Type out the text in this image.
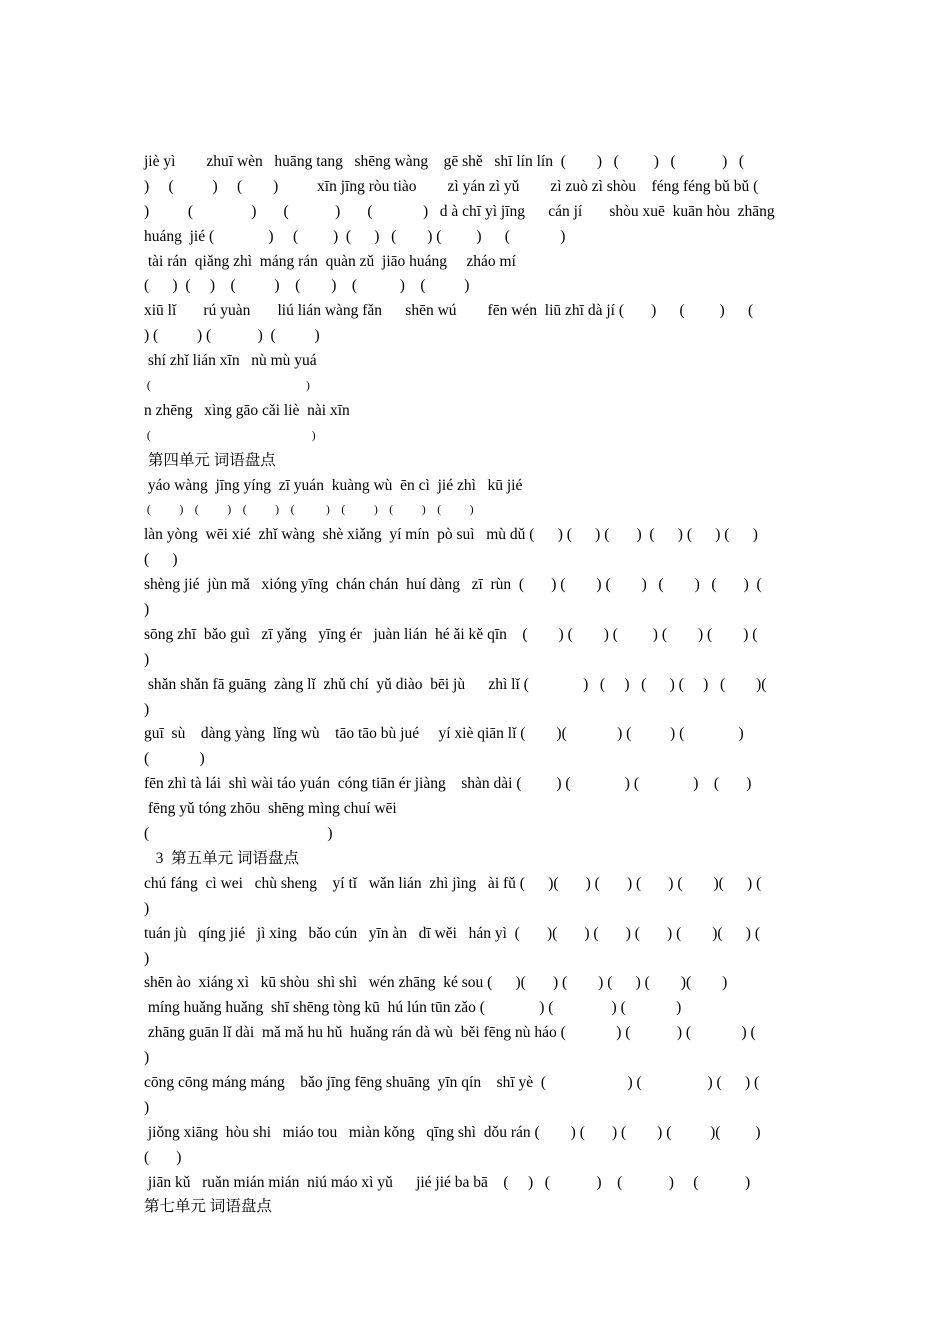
jiè yì        zhuī wèn   huāng tang   shēng wàng    gē shě   shī lín lín  (        )   (         )   (            )   (
)     (          )     (        )          xīn jīng ròu tiào        zì yán zì yǔ        zì zuò zì shòu    féng féng bǔ bǔ (
)          (               )       (            )       (             )   d à chī yì jīng      cán jí       shòu xuē  kuān hòu  zhāng
huáng  jié (              )     (         )  (      )   (        ) (         )      (             )
tài rán  qiǎng zhì  máng rán  quàn zǔ  jiāo huáng     zháo mí
(      )  (     )    (          )    (        )    (           )    (          )
xiū lǐ       rú yuàn       liú lián wàng fǎn      shēn wú        fēn wén  liū zhī dà jí (       )      (         )      (
) (          ) (            )  (          )
shí zhǐ lián xīn   nù mù yuá
(                                                      )
n zhēng   xìng gāo cǎi liè  nài xīn
(                                                        )
第四单元 词语盘点
yáo wàng  jīng yíng  zī yuán  kuàng wù  ēn cì  jié zhì   kū jié
(          )    (          )    (          )    (           )    (          )    (          )    (          )
làn yòng  wēi xié  zhǐ wàng  shè xiǎng  yí mín  pò suì   mù dǔ (      ) (      ) (       )  (      ) (      ) (      )
(      )
shèng jié  jùn mǎ   xióng yīng  chán chán  huí dàng   zī  rùn  (       ) (        ) (        )   (        )   (       )  (
)
sōng zhī  bǎo guì   zī yǎng   yīng ér   juàn lián  hé ǎi kě qīn    (        ) (        ) (         ) (        ) (        ) (
)
shǎn shǎn fā guāng  zàng lǐ  zhǔ chí  yǔ diào  bēi jù      zhì lǐ (              )   (     )   (      ) (     )   (        )(
)
guī  sù    dàng yàng  lǐng wù    tāo tāo bù jué     yí xiè qiān lǐ (        )(             ) (          ) (              )
(             )
fēn zhì tà lái  shì wài táo yuán  cóng tiān ér jiàng    shàn dài (         ) (              ) (              )    (       )
fēng yǔ tóng zhōu  shēng mìng chuí wēi
(                                              )
3  第五单元 词语盘点
chú fáng  cì wei   chù sheng    yí tǐ   wǎn lián  zhì jìng   ài fǔ (      )(       ) (       ) (       ) (        )(      ) (
)
tuán jù   qíng jié   jì xing   bǎo cún   yīn àn   dī wěi   hán yì  (       )(       ) (       ) (       ) (        )(      ) (
)
shēn ào  xiáng xì   kū shòu  shì shì   wén zhāng  ké sou (      )(       ) (        ) (      ) (        )(        )
míng huǎng huǎng  shī shēng tòng kū  hú lún tūn zǎo (              ) (               ) (             )
zhāng guān lǐ dài  mǎ mǎ hu hǔ  huǎng rán dà wù  běi fēng nù háo (             ) (            ) (             ) (
)
cōng cōng máng máng    bǎo jīng fēng shuāng  yīn qín    shī yè  (                     ) (                 ) (      ) (
)
jiǒng xiāng  hòu shi   miáo tou   miàn kǒng   qīng shì  dǒu rán (        ) (       ) (        ) (          )(         )
(       )
jiān kǔ   ruǎn mián mián  niú máo xì yǔ      jié jié ba bā    (     )   (            )    (            )     (            )
第七单元 词语盘点
